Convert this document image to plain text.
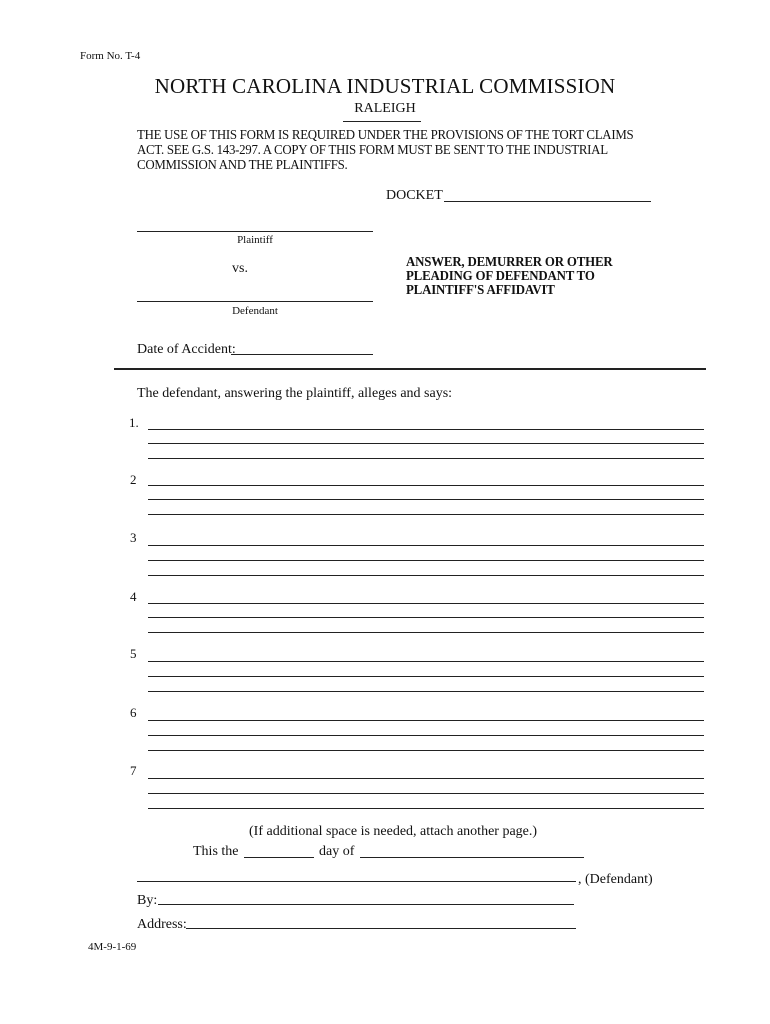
Form No. T-4
NORTH CAROLINA INDUSTRIAL COMMISSION
RALEIGH
THE USE OF THIS FORM IS REQUIRED UNDER THE PROVISIONS OF THE TORT CLAIMS
ACT. SEE G.S. 143-297. A COPY OF THIS FORM MUST BE SENT TO THE INDUSTRIAL
COMMISSION AND THE PLAINTIFFS.
DOCKET
Plaintiff
vs.
Defendant
ANSWER, DEMURRER OR OTHER
PLEADING OF DEFENDANT TO
PLAINTIFF'S AFFIDAVIT
Date of Accident:
The defendant, answering the plaintiff, alleges and says:
1.
2
3
4
5
6
7
(If additional space is needed, attach another page.)
This the	day of
, (Defendant)
By:
Address:
4M-9-1-69
